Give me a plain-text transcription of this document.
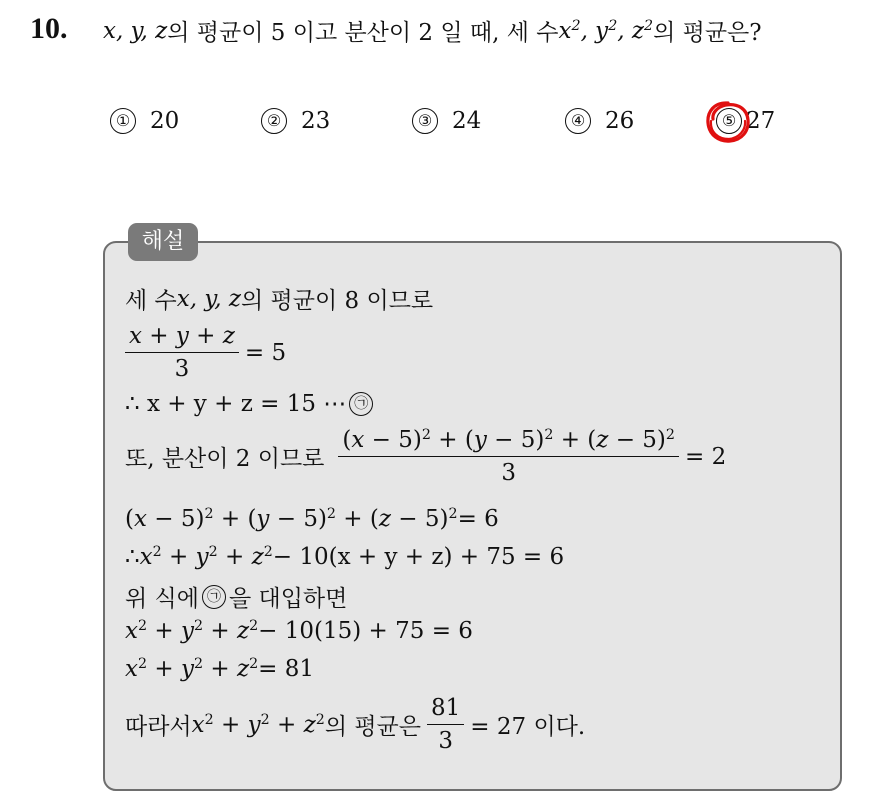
10. x, y, z 의 평균이 5 이고 분산이 2 일 때, 세 수 $x^2$, $y^2$, $z^2$ 의 평균은?
① 20	② 23	③ 24	④ 26	⑤ 27
해설
세 수 x, y, z 의 평균이 8 이므로
$\frac{x + y + z}{3} = 5$
∴ x + y + z = 15 ⋯ ㉠
또, 분산이 2 이므로 $\frac{(x - 5)^2 + (y - 5)^2 + (z - 5)^2}{3} = 2$
$(x - 5)^2 + (y - 5)^2 + (z - 5)^2 = 6$
∴ $x^2 + y^2 + z^2 - 10(x + y + z) + 75 = 6$
위 식에 ㉠ 을 대입하면
$x^2 + y^2 + z^2 - 10(15) + 75 = 6$
$x^2 + y^2 + z^2 = 81$
따라서 $x^2 + y^2 + z^2$ 의 평균은 $\frac{81}{3} = 27$ 이다.
